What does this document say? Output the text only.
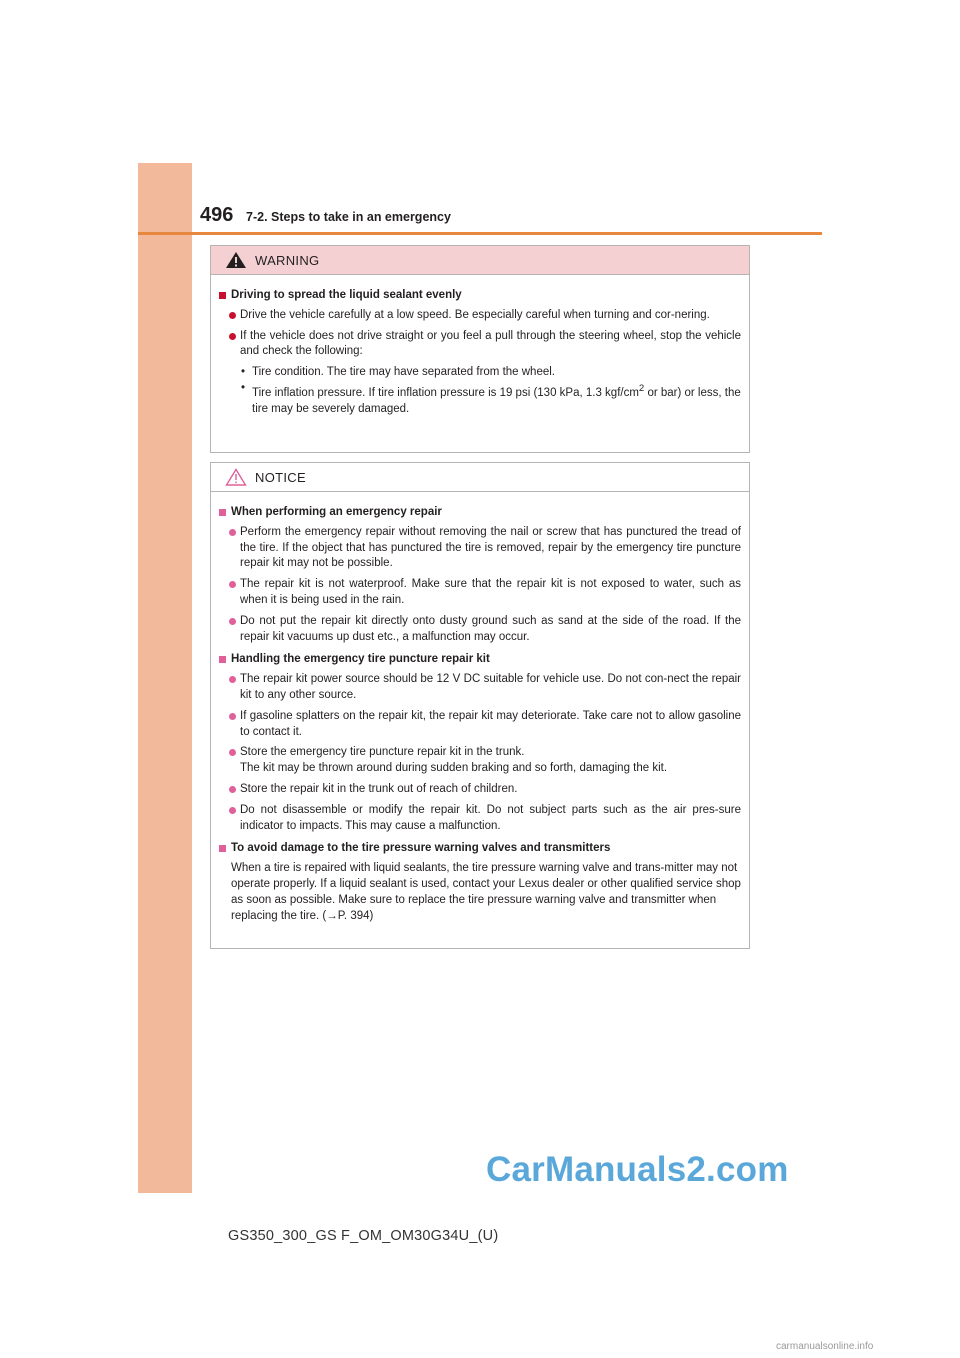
496 7-2. Steps to take in an emergency
WARNING
Driving to spread the liquid sealant evenly
Drive the vehicle carefully at a low speed. Be especially careful when turning and cor-nering.
If the vehicle does not drive straight or you feel a pull through the steering wheel, stop the vehicle and check the following:
• Tire condition. The tire may have separated from the wheel.
• Tire inflation pressure. If tire inflation pressure is 19 psi (130 kPa, 1.3 kgf/$cm^2$ or bar) or less, the tire may be severely damaged.
NOTICE
When performing an emergency repair
Perform the emergency repair without removing the nail or screw that has punctured the tread of the tire. If the object that has punctured the tire is removed, repair by the emergency tire puncture repair kit may not be possible.
The repair kit is not waterproof. Make sure that the repair kit is not exposed to water, such as when it is being used in the rain.
Do not put the repair kit directly onto dusty ground such as sand at the side of the road. If the repair kit vacuums up dust etc., a malfunction may occur.
Handling the emergency tire puncture repair kit
The repair kit power source should be 12 V DC suitable for vehicle use. Do not con-nect the repair kit to any other source.
If gasoline splatters on the repair kit, the repair kit may deteriorate. Take care not to allow gasoline to contact it.
Store the emergency tire puncture repair kit in the trunk.
The kit may be thrown around during sudden braking and so forth, damaging the kit.
Store the repair kit in the trunk out of reach of children.
Do not disassemble or modify the repair kit. Do not subject parts such as the air pres-sure indicator to impacts. This may cause a malfunction.
To avoid damage to the tire pressure warning valves and transmitters

When a tire is repaired with liquid sealants, the tire pressure warning valve and trans-mitter may not operate properly. If a liquid sealant is used, contact your Lexus dealer or other qualified service shop as soon as possible. Make sure to replace the tire pressure warning valve and transmitter when replacing the tire. (→P. 394)

GS350_300_GS F_OM_OM30G34U_(U)
CarManuals2.com
carmanualsonline.info
